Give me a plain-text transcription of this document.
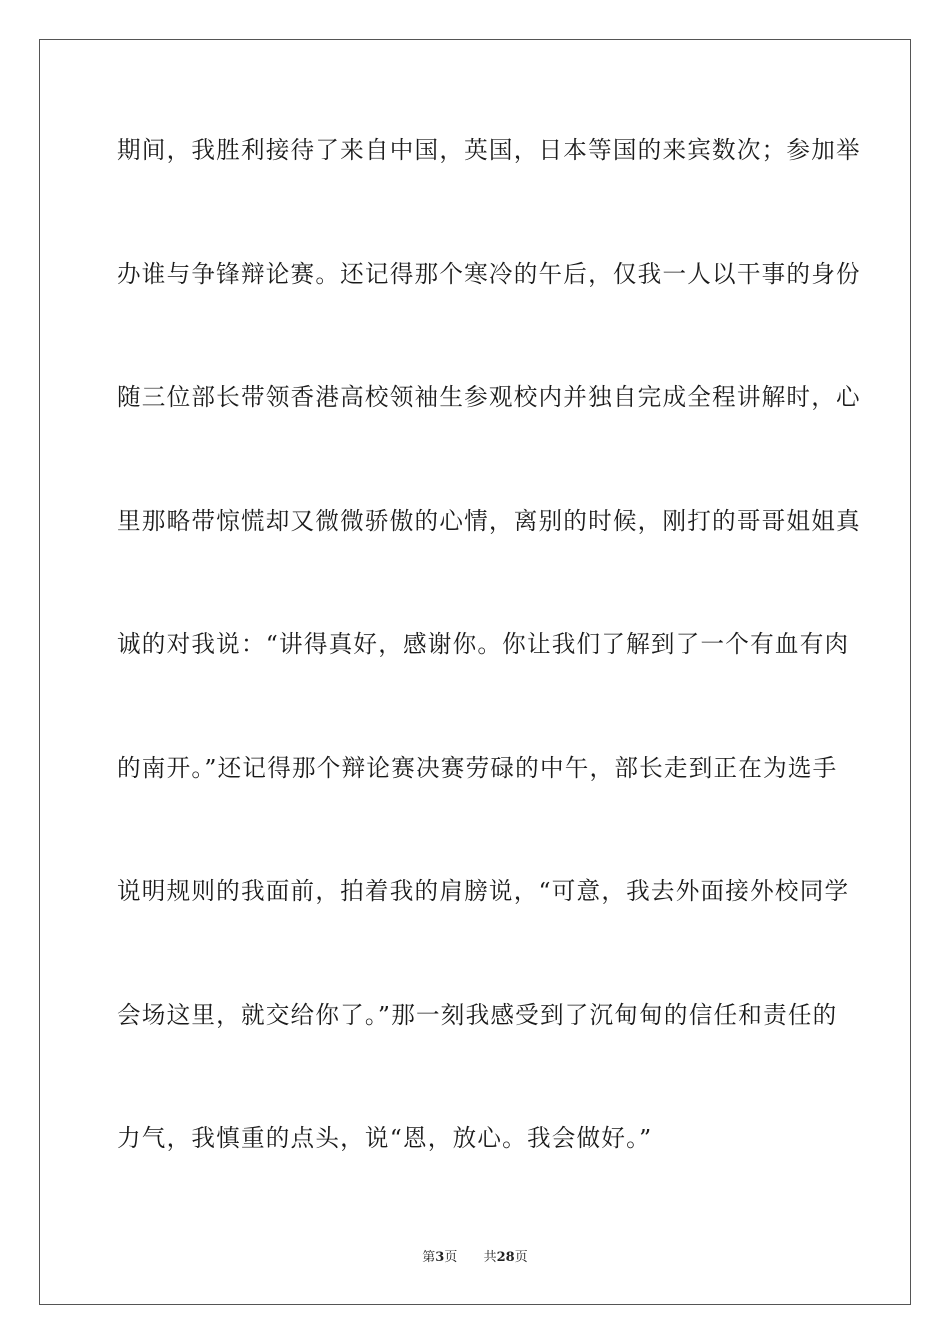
期间，我胜利接待了来自中国，英国，日本等国的来宾数次；参加举
办谁与争锋辩论赛。还记得那个寒冷的午后，仅我一人以干事的身份
随三位部长带领香港高校领袖生参观校内并独自完成全程讲解时，心
里那略带惊慌却又微微骄傲的心情，离别的时候，刚打的哥哥姐姐真
诚的对我说：“讲得真好，感谢你。你让我们了解到了一个有血有肉
的南开。”还记得那个辩论赛决赛劳碌的中午，部长走到正在为选手
说明规则的我面前，拍着我的肩膀说，“可意，我去外面接外校同学
会场这里，就交给你了。”那一刻我感受到了沉甸甸的信任和责任的
力气，我慎重的点头，说“恩，放心。我会做好。”
第3页 共28页
